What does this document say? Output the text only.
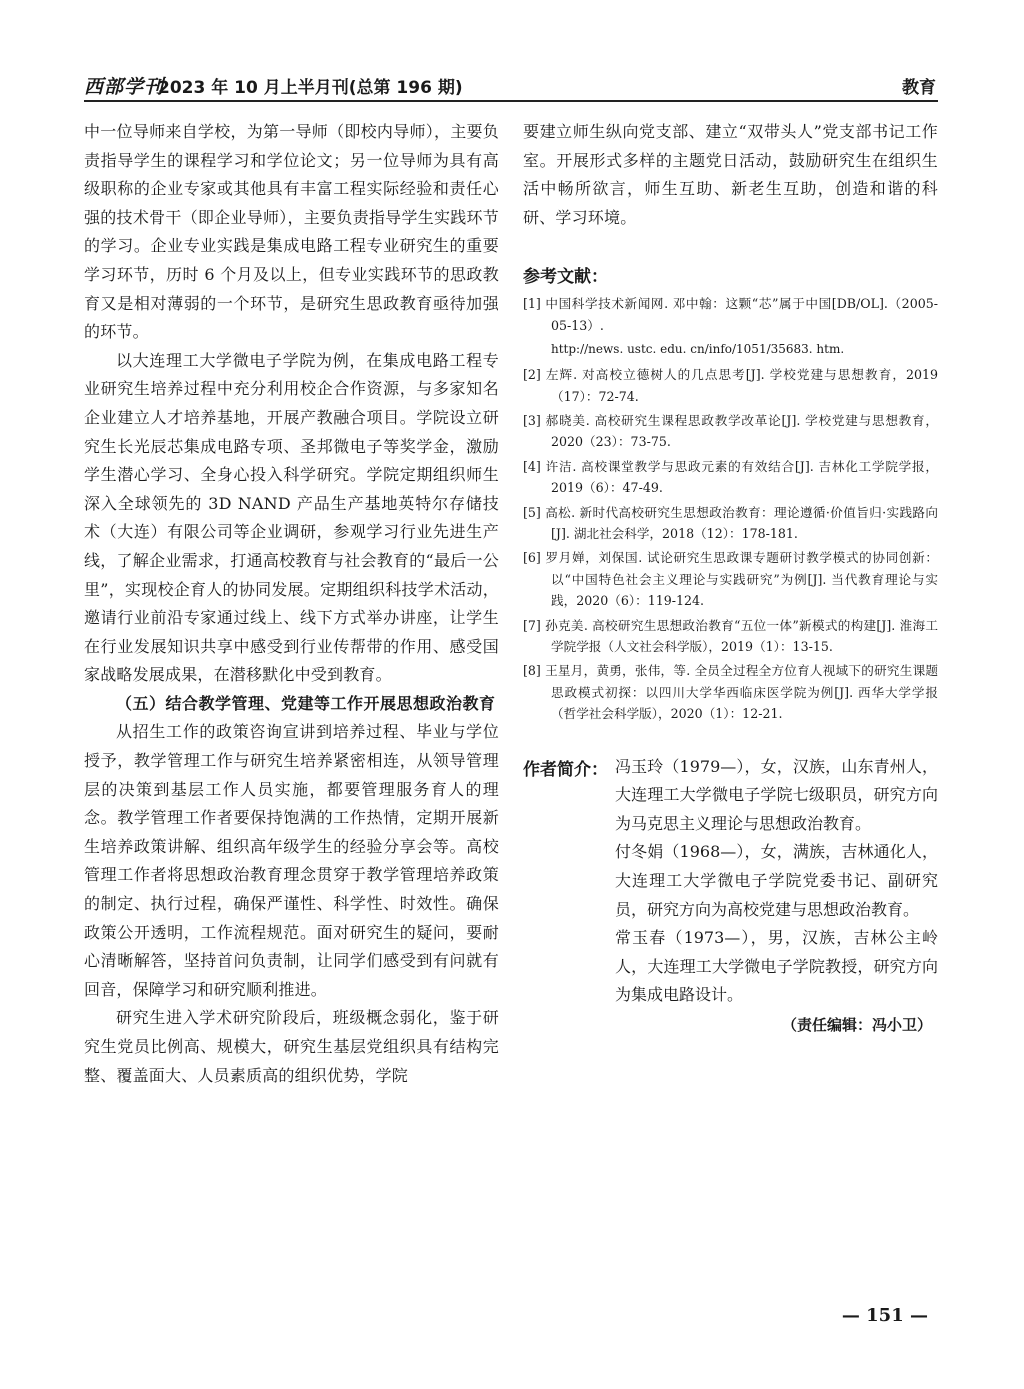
西部学刊
2023 年 10 月上半月刊(总第 196 期)	教育

中一位导师来自学校，为第一导师（即校内导师），主要负责指导学生的课程学习和学位论文；另一位导师为具有高级职称的企业专家或其他具有丰富工程实际经验和责任心强的技术骨干（即企业导师），主要负责指导学生实践环节的学习。企业专业实践是集成电路工程专业研究生的重要学习环节，历时 6 个月及以上，但专业实践环节的思政教育又是相对薄弱的一个环节，是研究生思政教育亟待加强的环节。

以大连理工大学微电子学院为例，在集成电路工程专业研究生培养过程中充分利用校企合作资源，与多家知名企业建立人才培养基地，开展产教融合项目。学院设立研究生长光辰芯集成电路专项、圣邦微电子等奖学金，激励学生潜心学习、全身心投入科学研究。学院定期组织师生深入全球领先的 3D NAND 产品生产基地英特尔存储技术（大连）有限公司等企业调研，参观学习行业先进生产线，了解企业需求，打通高校教育与社会教育的“最后一公里”，实现校企育人的协同发展。定期组织科技学术活动，邀请行业前沿专家通过线上、线下方式举办讲座，让学生在行业发展知识共享中感受到行业传帮带的作用、感受国家战略发展成果，在潜移默化中受到教育。

（五）结合教学管理、党建等工作开展思想政治教育

从招生工作的政策咨询宣讲到培养过程、毕业与学位授予，教学管理工作与研究生培养紧密相连，从领导管理层的决策到基层工作人员实施，都要管理服务育人的理念。教学管理工作者要保持饱满的工作热情，定期开展新生培养政策讲解、组织高年级学生的经验分享会等。高校管理工作者将思想政治教育理念贯穿于教学管理培养政策的制定、执行过程，确保严谨性、科学性、时效性。确保政策公开透明，工作流程规范。面对研究生的疑问，要耐心清晰解答，坚持首问负责制，让同学们感受到有问就有回音，保障学习和研究顺利推进。

研究生进入学术研究阶段后，班级概念弱化，鉴于研究生党员比例高、规模大，研究生基层党组织具有结构完整、覆盖面大、人员素质高的组织优势，学院

要建立师生纵向党支部、建立“双带头人”党支部书记工作室。开展形式多样的主题党日活动，鼓励研究生在组织生活中畅所欲言，师生互助、新老生互助，创造和谐的科研、学习环境。

参考文献：

[1] 中国科学技术新闻网. 邓中翰：这颗“芯”属于中国[DB/OL].（2005-05-13）.

http://news. ustc. edu. cn/info/1051/35683. htm.

[2] 左辉. 对高校立德树人的几点思考[J]. 学校党建与思想教育，2019（17）：72-74.

[3] 郝晓美. 高校研究生课程思政教学改革论[J]. 学校党建与思想教育，2020（23）：73-75.

[4] 许洁. 高校课堂教学与思政元素的有效结合[J]. 吉林化工学院学报，2019（6）：47-49.

[5] 高松. 新时代高校研究生思想政治教育：理论遵循·价值旨归·实践路向[J]. 湖北社会科学，2018（12）：178-181.

[6] 罗月婵，刘保国. 试论研究生思政课专题研讨教学模式的协同创新：以“中国特色社会主义理论与实践研究”为例[J]. 当代教育理论与实践，2020（6）：119-124.

[7] 孙克美. 高校研究生思想政治教育“五位一体”新模式的构建[J]. 淮海工学院学报（人文社会科学版），2019（1）：13-15.

[8] 王星月，黄勇，张伟，等. 全员全过程全方位育人视域下的研究生课题思政模式初探：以四川大学华西临床医学院为例[J]. 西华大学学报（哲学社会科学版），2020（1）：12-21.

作者简介： 冯玉玲（1979—），女，汉族，山东青州人，大连理工大学微电子学院七级职员，研究方向为马克思主义理论与思想政治教育。

付冬娟（1968—），女，满族，吉林通化人，大连理工大学微电子学院党委书记、副研究员，研究方向为高校党建与思想政治教育。

常玉春（1973—），男，汉族，吉林公主岭人，大连理工大学微电子学院教授，研究方向为集成电路设计。

（责任编辑：冯小卫）
— 151 —
